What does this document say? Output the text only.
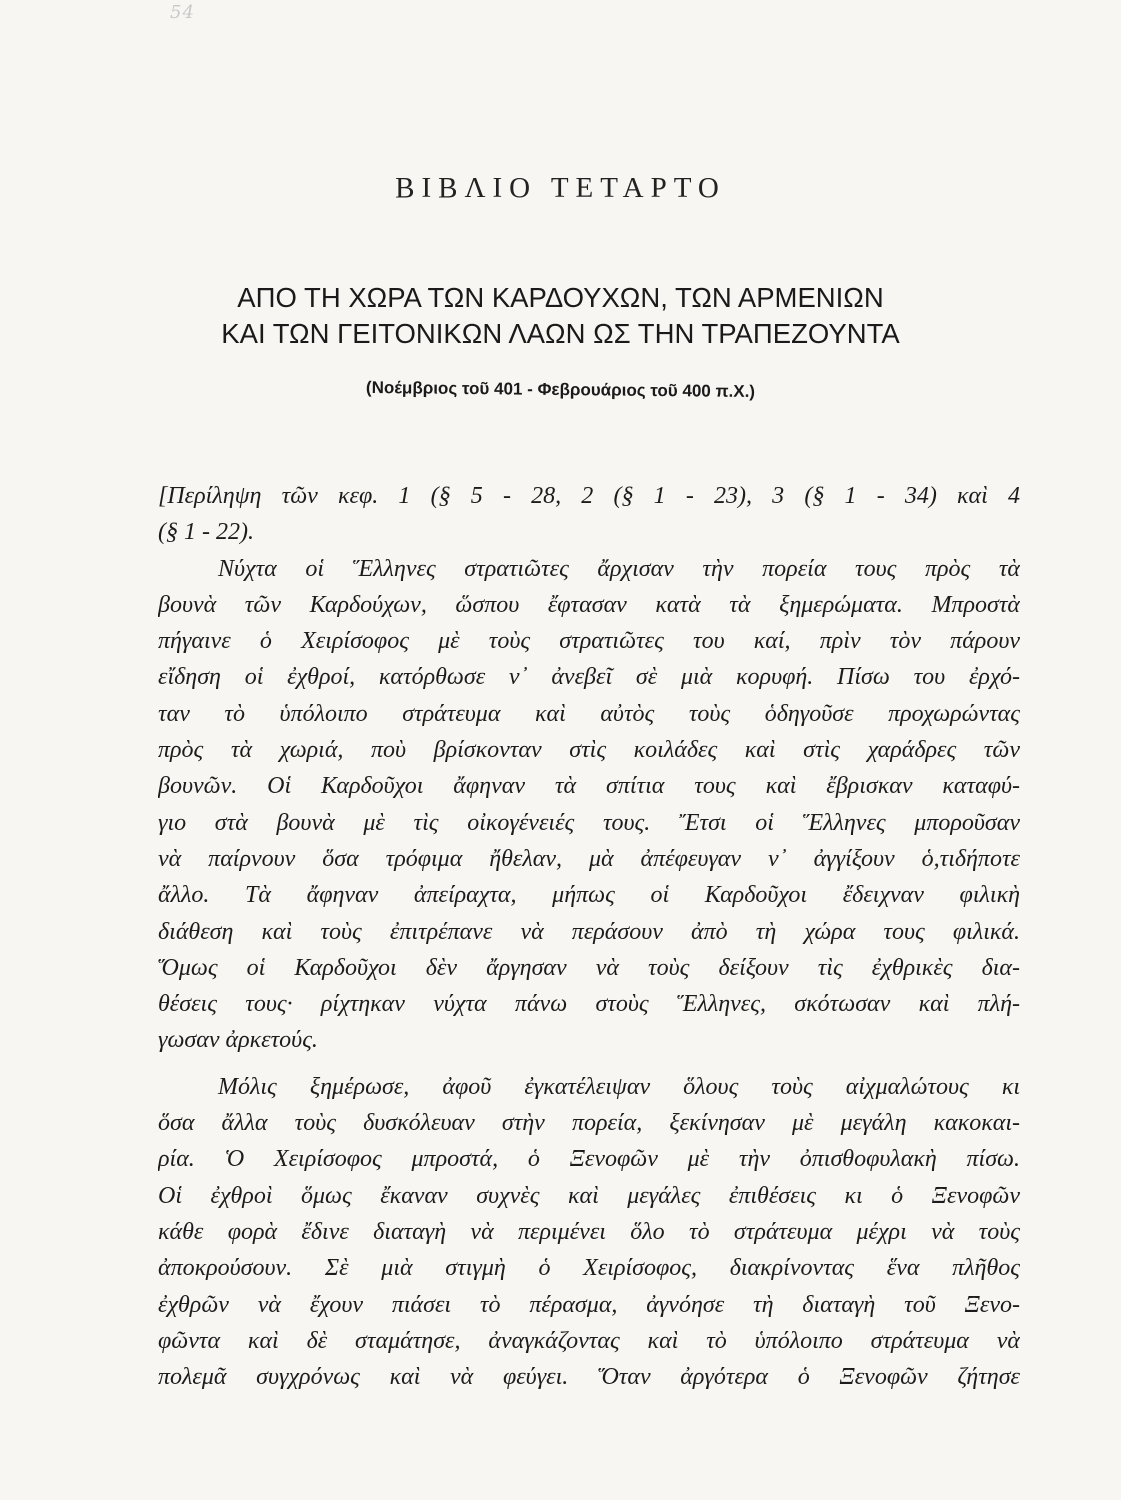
54
ΒΙΒΛΙΟ ΤΕΤΑΡΤΟ
ΑΠΟ ΤΗ ΧΩΡΑ ΤΩΝ ΚΑΡΔΟΥΧΩΝ, ΤΩΝ ΑΡΜΕΝΙΩΝ
ΚΑΙ ΤΩΝ ΓΕΙΤΟΝΙΚΩΝ ΛΑΩΝ ΩΣ ΤΗΝ ΤΡΑΠΕΖΟΥΝΤΑ
(Νοέμβριος τοῦ 401 - Φεβρουάριος τοῦ 400 π.Χ.)
[Περίληψη τῶν κεφ. 1 (§ 5 - 28, 2 (§ 1 - 23), 3 (§ 1 - 34) καὶ 4
(§ 1 - 22).
Νύχτα οἱ Ἕλληνες στρατιῶτες ἄρχισαν τὴν πορεία τους πρὸς τὰ
βουνὰ τῶν Καρδούχων, ὥσπου ἔφτασαν κατὰ τὰ ξημερώματα. Μπροστὰ
πήγαινε ὁ Χειρίσοφος μὲ τοὺς στρατιῶτες του καί, πρὶν τὸν πάρουν
εἴδηση οἱ ἐχθροί, κατόρθωσε ν᾽ ἀνεβεῖ σὲ μιὰ κορυφή. Πίσω του ἐρχό-
ταν τὸ ὑπόλοιπο στράτευμα καὶ αὐτὸς τοὺς ὁδηγοῦσε προχωρώντας
πρὸς τὰ χωριά, ποὺ βρίσκονταν στὶς κοιλάδες καὶ στὶς χαράδρες τῶν
βουνῶν. Οἱ Καρδοῦχοι ἄφηναν τὰ σπίτια τους καὶ ἔβρισκαν καταφύ-
γιο στὰ βουνὰ μὲ τὶς οἰκογένειές τους. Ἔτσι οἱ Ἕλληνες μποροῦσαν
νὰ παίρνουν ὅσα τρόφιμα ἤθελαν, μὰ ἀπέφευγαν ν᾽ ἀγγίξουν ὁ,τιδήποτε
ἄλλο. Τὰ ἄφηναν ἀπείραχτα, μήπως οἱ Καρδοῦχοι ἔδειχναν φιλικὴ
διάθεση καὶ τοὺς ἐπιτρέπανε νὰ περάσουν ἀπὸ τὴ χώρα τους φιλικά.
Ὅμως οἱ Καρδοῦχοι δὲν ἄργησαν νὰ τοὺς δείξουν τὶς ἐχθρικὲς δια-
θέσεις τους· ρίχτηκαν νύχτα πάνω στοὺς Ἕλληνες, σκότωσαν καὶ πλή-
γωσαν ἀρκετούς.
Μόλις ξημέρωσε, ἀφοῦ ἐγκατέλειψαν ὅλους τοὺς αἰχμαλώτους κι
ὅσα ἄλλα τοὺς δυσκόλευαν στὴν πορεία, ξεκίνησαν μὲ μεγάλη κακοκαι-
ρία. Ὁ Χειρίσοφος μπροστά, ὁ Ξενοφῶν μὲ τὴν ὀπισθοφυλακὴ πίσω.
Οἱ ἐχθροὶ ὅμως ἔκαναν συχνὲς καὶ μεγάλες ἐπιθέσεις κι ὁ Ξενοφῶν
κάθε φορὰ ἔδινε διαταγὴ νὰ περιμένει ὅλο τὸ στράτευμα μέχρι νὰ τοὺς
ἀποκρούσουν. Σὲ μιὰ στιγμὴ ὁ Χειρίσοφος, διακρίνοντας ἕνα πλῆθος
ἐχθρῶν νὰ ἔχουν πιάσει τὸ πέρασμα, ἀγνόησε τὴ διαταγὴ τοῦ Ξενο-
φῶντα καὶ δὲ σταμάτησε, ἀναγκάζοντας καὶ τὸ ὑπόλοιπο στράτευμα νὰ
πολεμᾶ συγχρόνως καὶ νὰ φεύγει. Ὅταν ἀργότερα ὁ Ξενοφῶν ζήτησε
